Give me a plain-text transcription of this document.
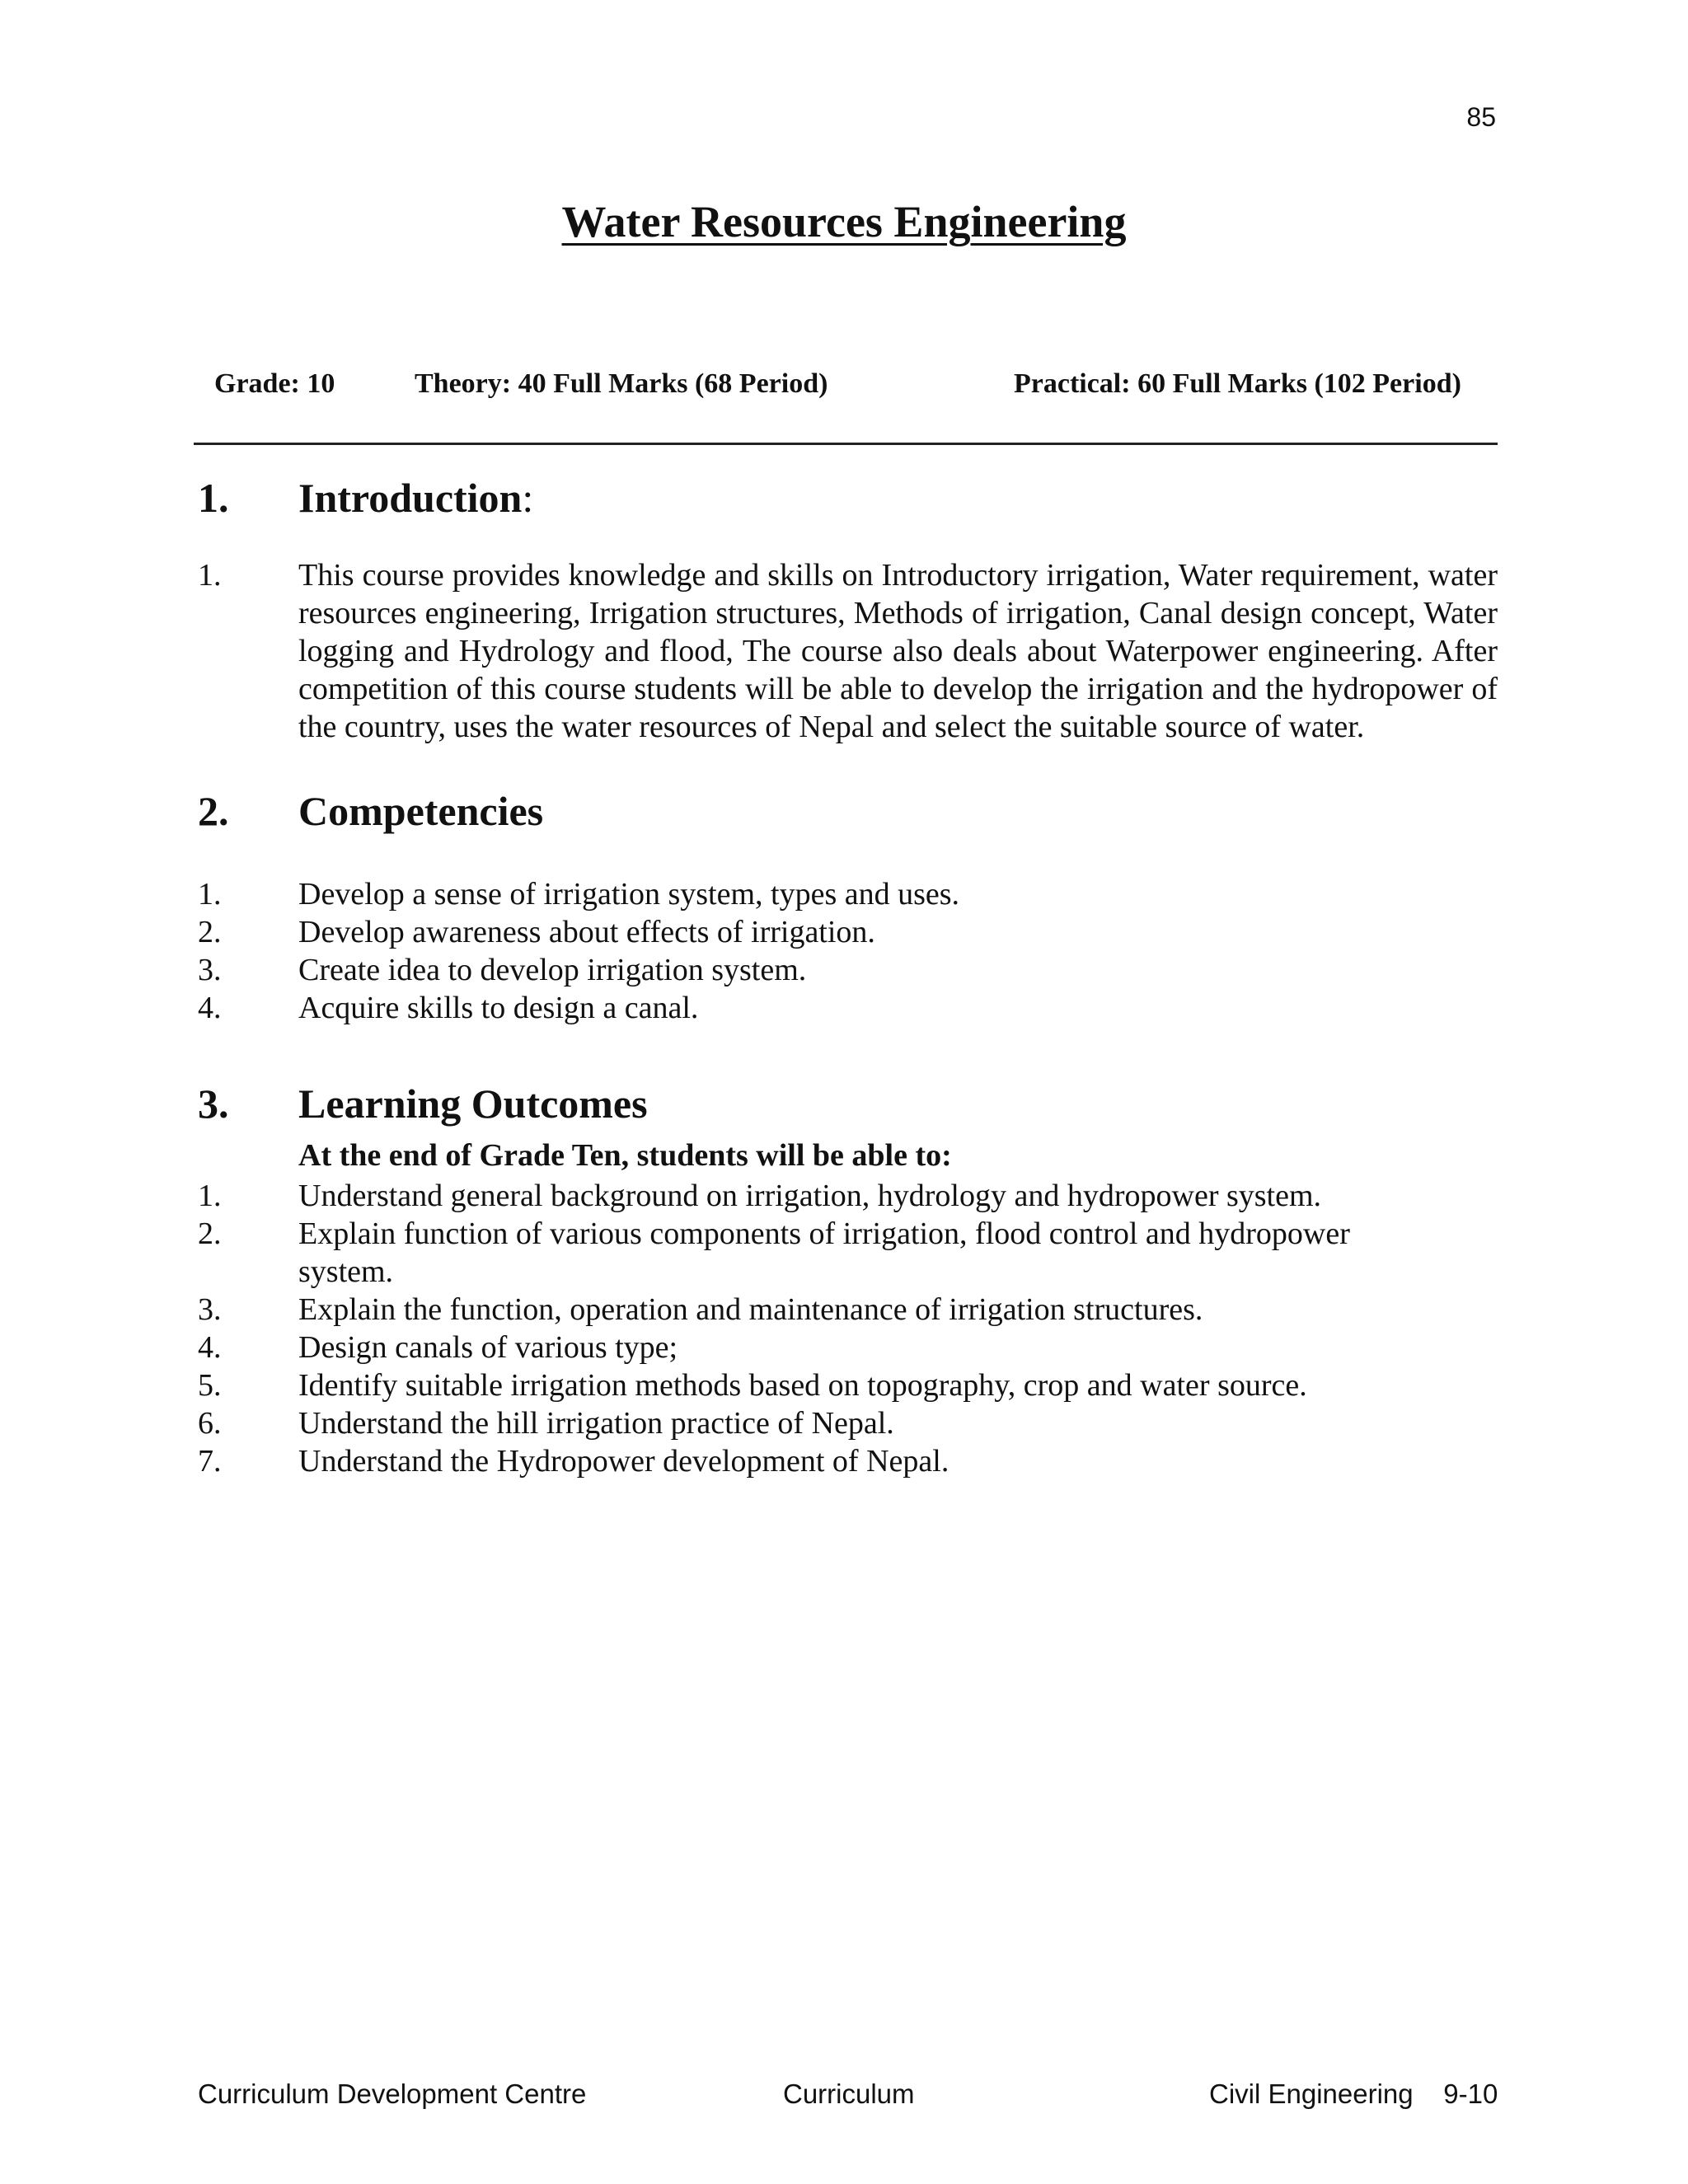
85
Water Resources Engineering
Grade: 10	Theory: 40 Full Marks (68 Period)	Practical: 60 Full Marks (102 Period)
1. Introduction:
1. This course provides knowledge and skills on Introductory irrigation, Water requirement, water resources engineering, Irrigation structures, Methods of irrigation, Canal design concept, Water logging and Hydrology and flood, The course also deals about Waterpower engineering. After competition of this course students will be able to develop the irrigation and the hydropower of the country, uses the water resources of Nepal and select the suitable source of water.
2. Competencies
1. Develop a sense of irrigation system, types and uses.
2. Develop awareness about effects of irrigation.
3. Create idea to develop irrigation system.
4. Acquire skills to design a canal.
3. Learning Outcomes
At the end of Grade Ten, students will be able to:
1. Understand general background on irrigation, hydrology and hydropower system.
2. Explain function of various components of irrigation, flood control and hydropower system.
3. Explain the function, operation and maintenance of irrigation structures.
4. Design canals of various type;
5. Identify suitable irrigation methods based on topography, crop and water source.
6. Understand the hill irrigation practice of Nepal.
7. Understand the Hydropower development of Nepal.
Curriculum Development Centre	Curriculum	Civil Engineering    9-10
